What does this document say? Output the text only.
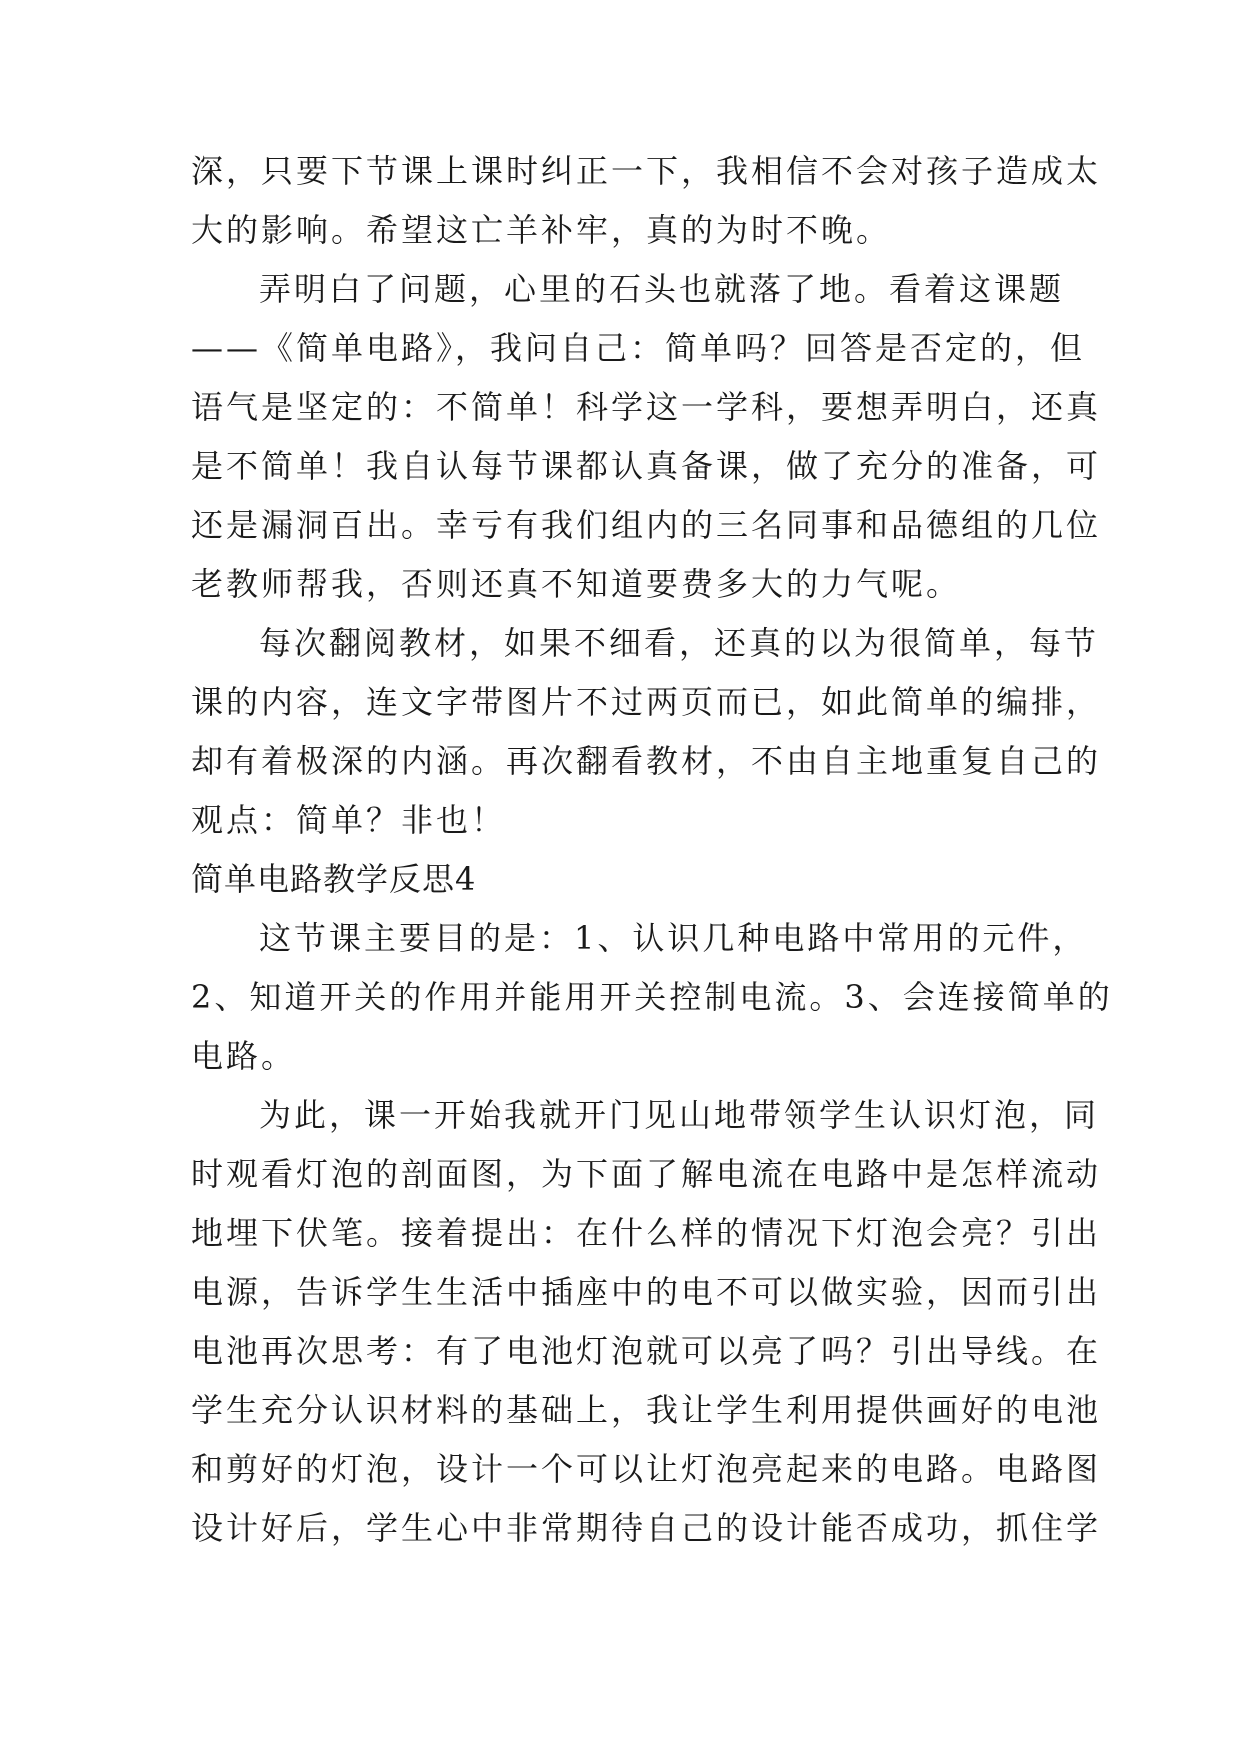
深，只要下节课上课时纠正一下，我相信不会对孩子造成太
大的影响。希望这亡羊补牢，真的为时不晚。
弄明白了问题，心里的石头也就落了地。看着这课题
——《简单电路》，我问自己：简单吗？回答是否定的，但
语气是坚定的：不简单！科学这一学科，要想弄明白，还真
是不简单！我自认每节课都认真备课，做了充分的准备，可
还是漏洞百出。幸亏有我们组内的三名同事和品德组的几位
老教师帮我，否则还真不知道要费多大的力气呢。
每次翻阅教材，如果不细看，还真的以为很简单，每节
课的内容，连文字带图片不过两页而已，如此简单的编排，
却有着极深的内涵。再次翻看教材，不由自主地重复自己的
观点：简单？非也！
简单电路教学反思4
这节课主要目的是：1、认识几种电路中常用的元件，
2、知道开关的作用并能用开关控制电流。3、会连接简单的
电路。
为此，课一开始我就开门见山地带领学生认识灯泡，同
时观看灯泡的剖面图，为下面了解电流在电路中是怎样流动
地埋下伏笔。接着提出：在什么样的情况下灯泡会亮？引出
电源，告诉学生生活中插座中的电不可以做实验，因而引出
电池再次思考：有了电池灯泡就可以亮了吗？引出导线。在
学生充分认识材料的基础上，我让学生利用提供画好的电池
和剪好的灯泡，设计一个可以让灯泡亮起来的电路。电路图
设计好后，学生心中非常期待自己的设计能否成功，抓住学
